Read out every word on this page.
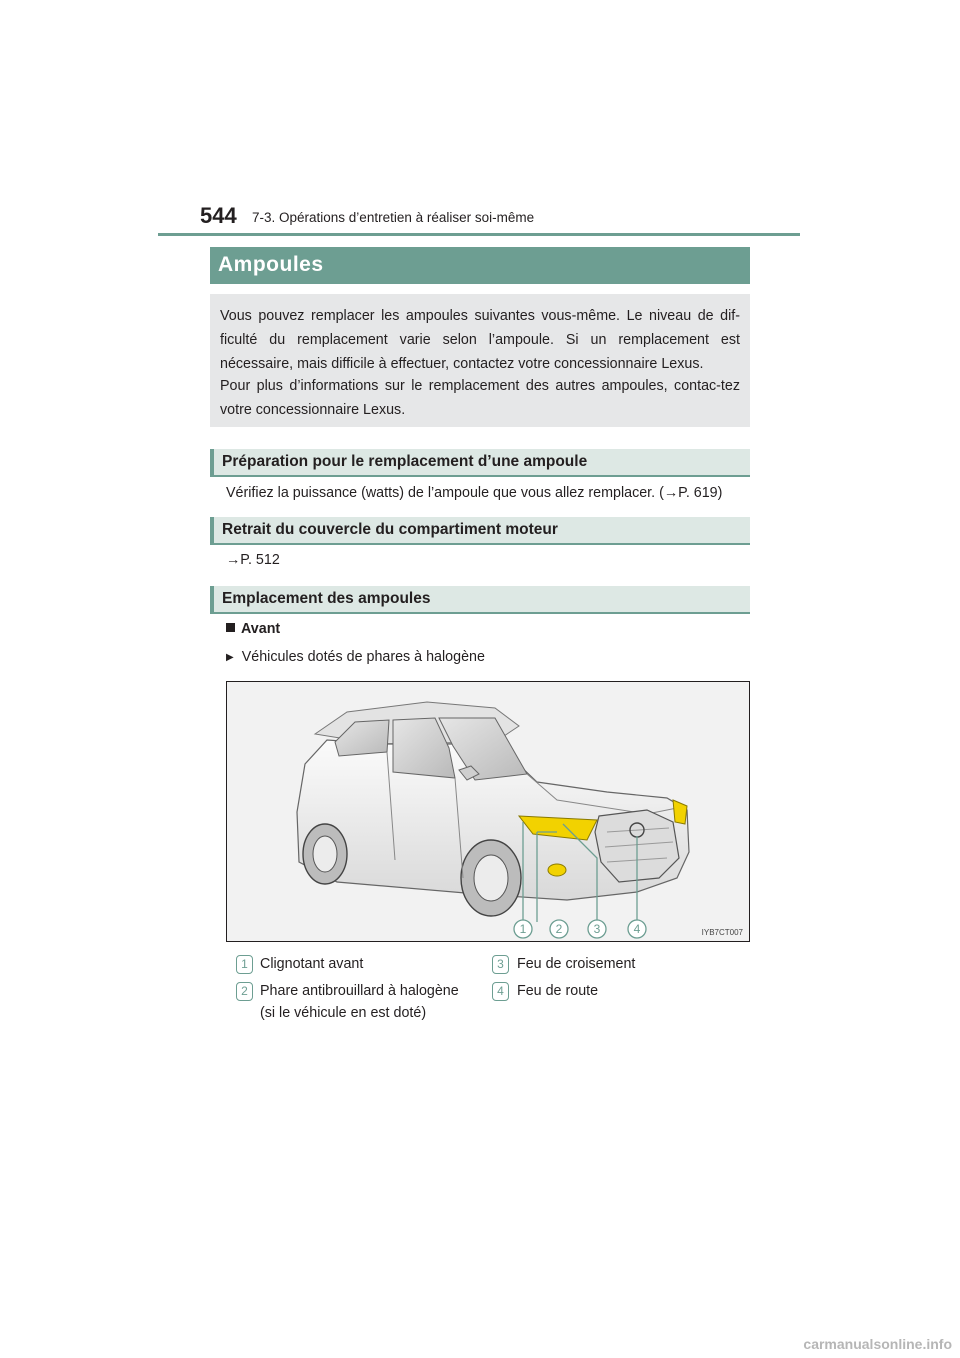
544 7-3. Opérations d’entretien à réaliser soi-même
Ampoules

Vous pouvez remplacer les ampoules suivantes vous-même. Le niveau de dif-ficulté du remplacement varie selon l’ampoule. Si un remplacement est nécessaire, mais difficile à effectuer, contactez votre concessionnaire Lexus.

Pour plus d’informations sur le remplacement des autres ampoules, contac-tez votre concessionnaire Lexus.

Préparation pour le remplacement d’une ampoule
Vérifiez la puissance (watts) de l’ampoule que vous allez remplacer. (→P. 619)
Retrait du couvercle du compartiment moteur
→P. 512
Emplacement des ampoules
Avant
▶ Véhicules dotés de phares à halogène
1 2	3	4	IYB7CT007
1 Clignotant avant
2 Phare antibrouillard à halogène
(si le véhicule en est doté)
3 Feu de croisement
4 Feu de route
carmanualsonline.info
